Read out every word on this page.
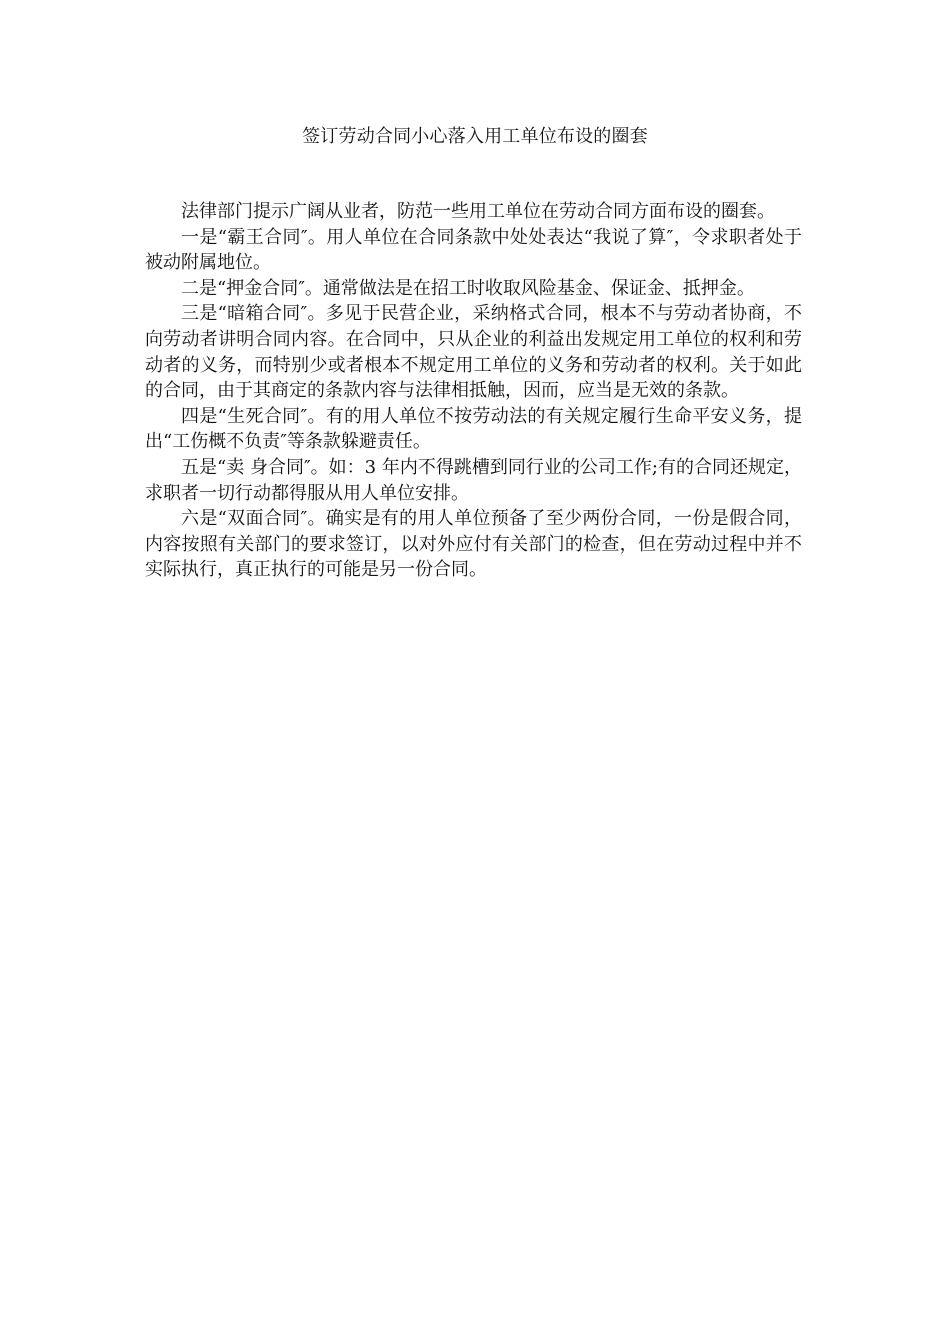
签订劳动合同小心落入用工单位布设的圈套

法律部门提示广阔从业者，防范一些用工单位在劳动合同方面布设的圈套。

一是“霸王合同″。用人单位在合同条款中处处表达“我说了算″，令求职者处于被动附属地位。

二是“押金合同″。通常做法是在招工时收取风险基金、保证金、抵押金。

三是“暗箱合同″。多见于民营企业，采纳格式合同，根本不与劳动者协商，不向劳动者讲明合同内容。在合同中，只从企业的利益出发规定用工单位的权利和劳动者的义务，而特别少或者根本不规定用工单位的义务和劳动者的权利。关于如此的合同，由于其商定的条款内容与法律相抵触，因而，应当是无效的条款。

四是“生死合同″。有的用人单位不按劳动法的有关规定履行生命平安义务，提出“工伤概不负责″等条款躲避责任。

五是“卖 身合同″。如：3 年内不得跳槽到同行业的公司工作;有的合同还规定，求职者一切行动都得服从用人单位安排。

六是“双面合同″。确实是有的用人单位预备了至少两份合同，一份是假合同，内容按照有关部门的要求签订，以对外应付有关部门的检查，但在劳动过程中并不实际执行，真正执行的可能是另一份合同。
